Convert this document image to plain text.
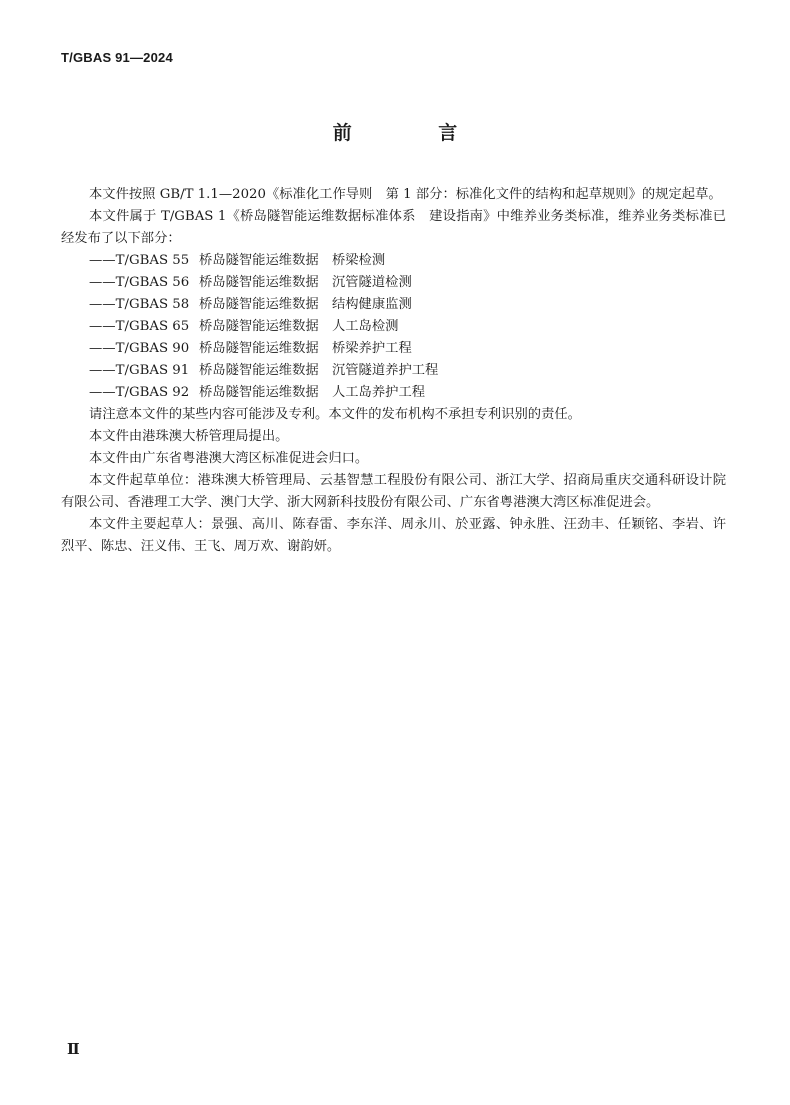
T/GBAS 91—2024
前 言

本文件按照 GB/T 1.1—2020《标准化工作导则　第 1 部分：标准化文件的结构和起草规则》的规定起草。

本文件属于 T/GBAS 1《桥岛隧智能运维数据标准体系　建设指南》中维养业务类标准，维养业务类标准已经发布了以下部分：

——T/GBAS 55 桥岛隧智能运维数据　桥梁检测
——T/GBAS 56 桥岛隧智能运维数据　沉管隧道检测
——T/GBAS 58 桥岛隧智能运维数据　结构健康监测
——T/GBAS 65 桥岛隧智能运维数据　人工岛检测
——T/GBAS 90 桥岛隧智能运维数据　桥梁养护工程
——T/GBAS 91 桥岛隧智能运维数据　沉管隧道养护工程
——T/GBAS 92 桥岛隧智能运维数据　人工岛养护工程

请注意本文件的某些内容可能涉及专利。本文件的发布机构不承担专利识别的责任。

本文件由港珠澳大桥管理局提出。

本文件由广东省粤港澳大湾区标准促进会归口。

本文件起草单位：港珠澳大桥管理局、云基智慧工程股份有限公司、浙江大学、招商局重庆交通科研设计院有限公司、香港理工大学、澳门大学、浙大网新科技股份有限公司、广东省粤港澳大湾区标准促进会。

本文件主要起草人：景强、高川、陈春雷、李东洋、周永川、於亚露、钟永胜、汪劲丰、任颖铭、李岩、许烈平、陈忠、汪义伟、王飞、周万欢、谢韵妍。

Ⅱ
